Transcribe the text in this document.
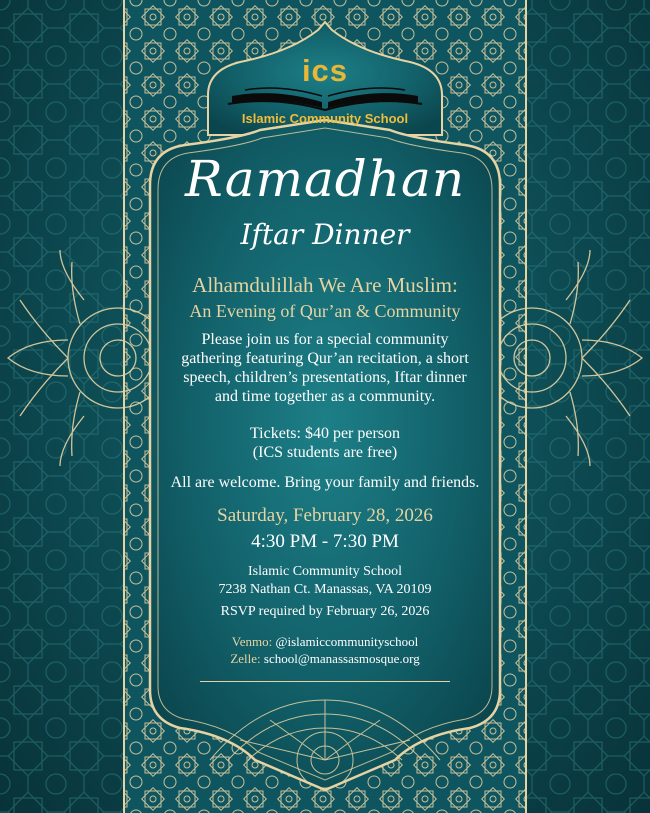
ics
Islamic Community School
Ramadhan
Iftar Dinner
Alhamdulillah We Are Muslim:
An Evening of Qur’an & Community
Please join us for a special community
gathering featuring Qur’an recitation, a short
speech, children’s presentations, Iftar dinner
and time together as a community.
Tickets: $40 per person
(ICS students are free)
All are welcome. Bring your family and friends.
Saturday, February 28, 2026
4:30 PM - 7:30 PM
Islamic Community School
7238 Nathan Ct. Manassas, VA 20109
RSVP required by February 26, 2026
Venmo: @islamiccommunityschool
Zelle: school@manassasmosque.org
